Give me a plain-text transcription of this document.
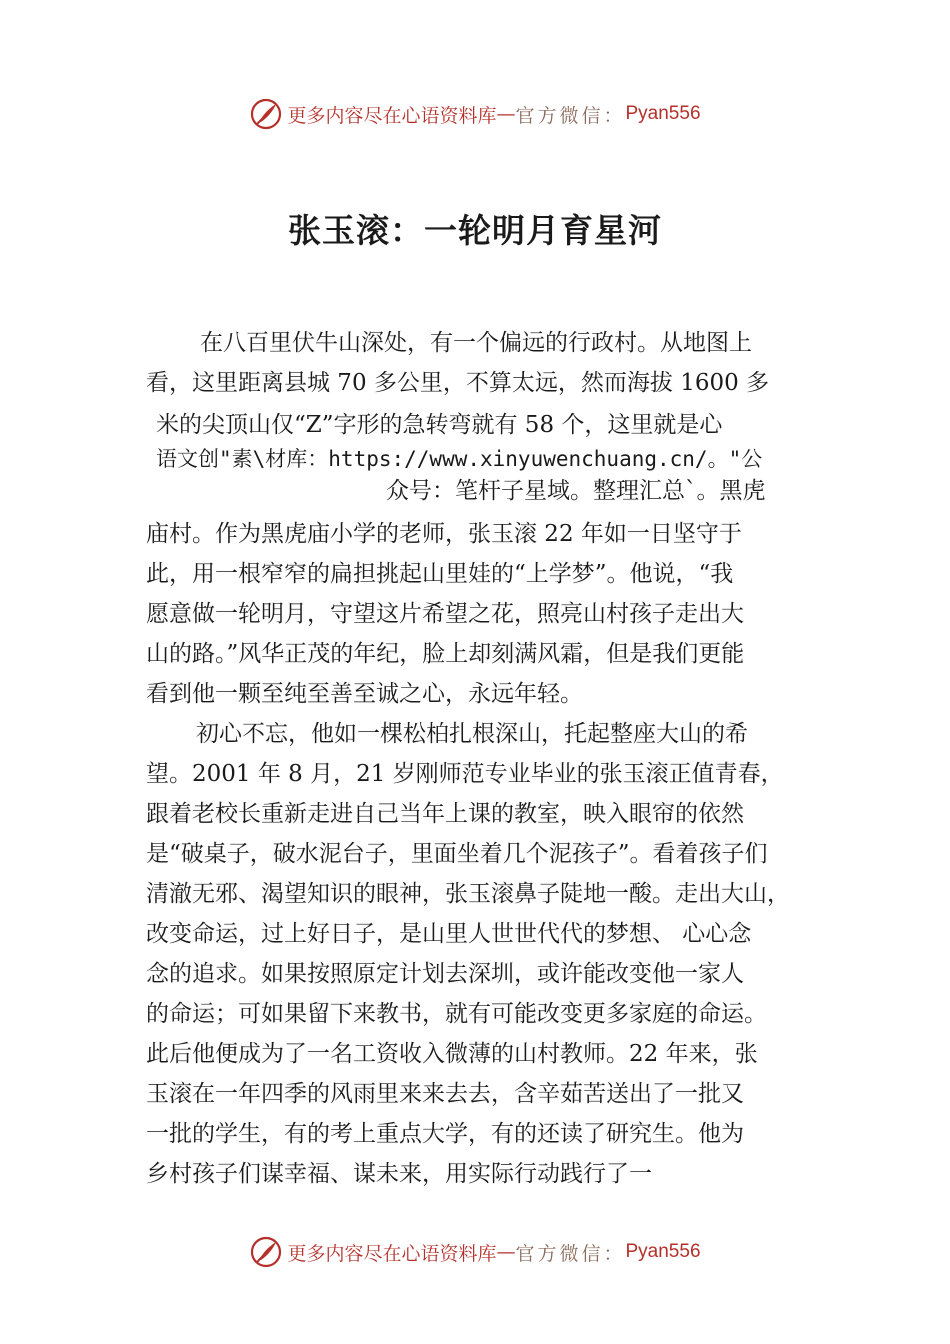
更多内容尽在心语资料库 — 官方微信： Pyan556
张玉滚：一轮明月育星河
在八百里伏牛山深处，有一个偏远的行政村。从地图上
看，这里距离县城 70 多公里，不算太远，然而海拔 1600 多
米的尖顶山仅“Z”字形的急转弯就有 58 个，这里就是心
语文创"素\材库：https://www.xinyuwenchuang.cn/。"公
众号：笔杆子星域。整理汇总`。黑虎
庙村。作为黑虎庙小学的老师，张玉滚 22 年如一日坚守于
此，用一根窄窄的扁担挑起山里娃的“上学梦”。他说，“我
愿意做一轮明月，守望这片希望之花，照亮山村孩子走出大
山的路。”风华正茂的年纪，脸上却刻满风霜，但是我们更能
看到他一颗至纯至善至诚之心，永远年轻。
初心不忘，他如一棵松柏扎根深山，托起整座大山的希
望。2001 年 8 月，21 岁刚师范专业毕业的张玉滚正值青春，
跟着老校长重新走进自己当年上课的教室，映入眼帘的依然
是“破桌子，破水泥台子，里面坐着几个泥孩子”。看着孩子们
清澈无邪、渴望知识的眼神，张玉滚鼻子陡地一酸。走出大山，
改变命运，过上好日子，是山里人世世代代的梦想、 心心念
念的追求。如果按照原定计划去深圳，或许能改变他一家人
的命运；可如果留下来教书，就有可能改变更多家庭的命运。
此后他便成为了一名工资收入微薄的山村教师。22 年来，张
玉滚在一年四季的风雨里来来去去，含辛茹苦送出了一批又
一批的学生，有的考上重点大学，有的还读了研究生。他为
乡村孩子们谋幸福、谋未来，用实际行动践行了一
更多内容尽在心语资料库 — 官方微信： Pyan556
